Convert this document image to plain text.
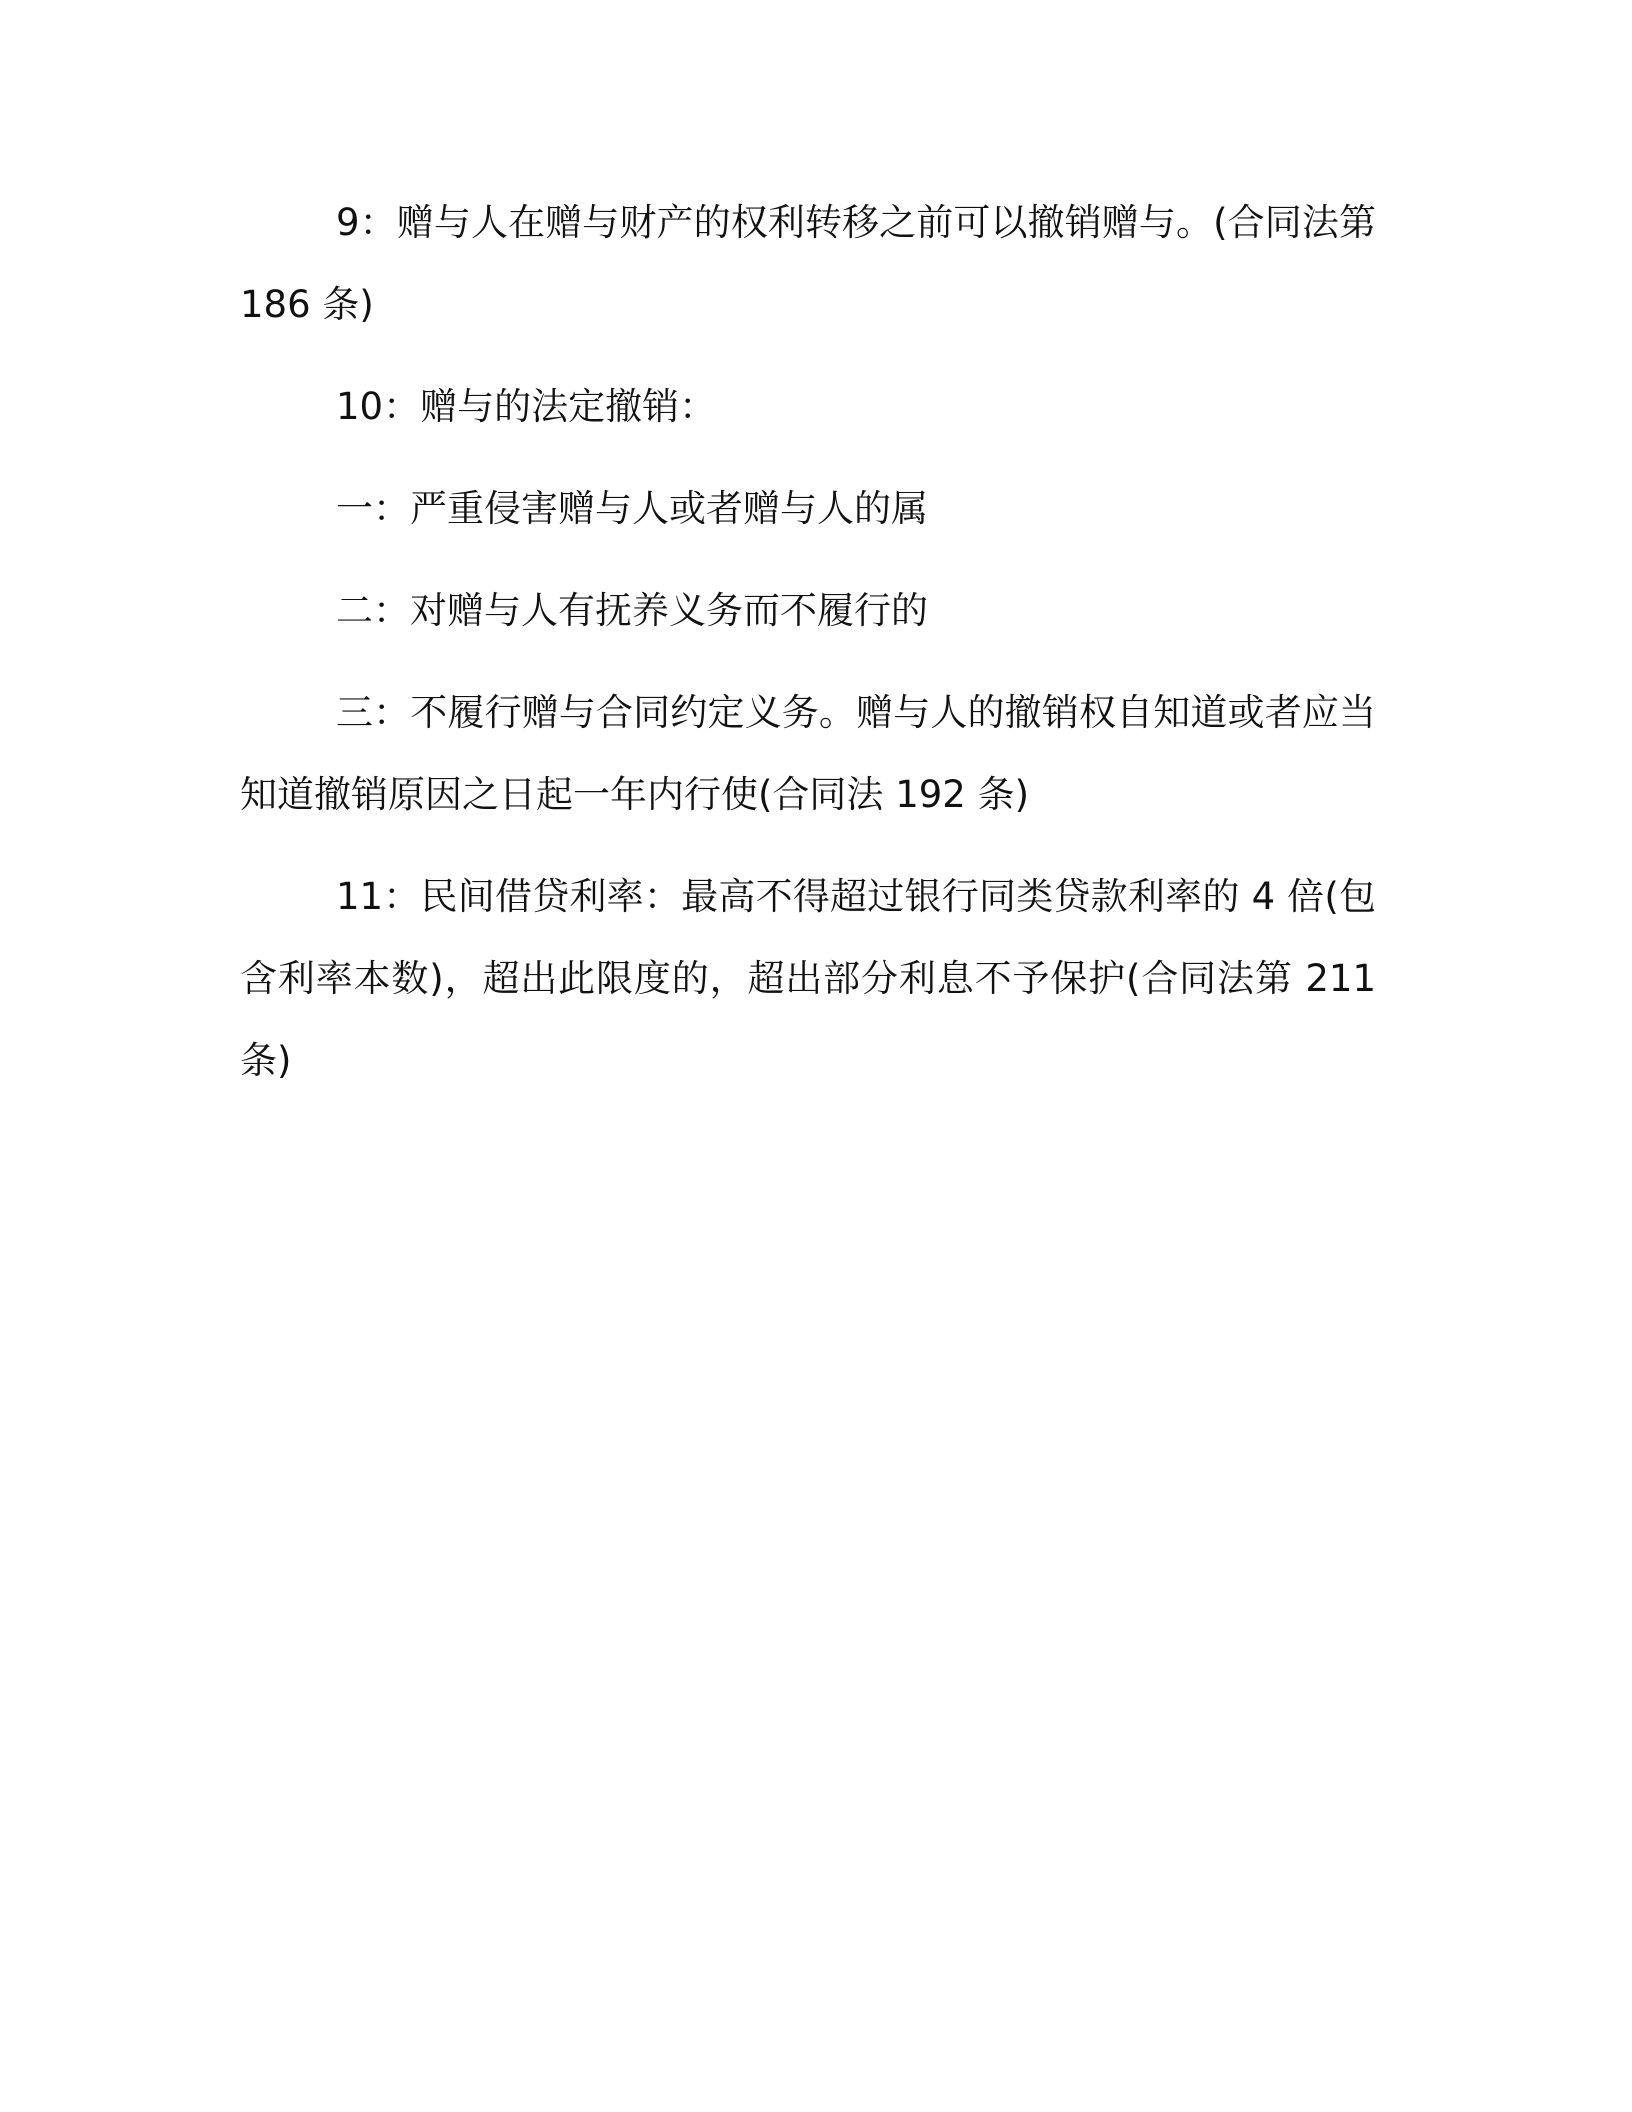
9：赠与人在赠与财产的权利转移之前可以撤销赠与。(合同法第 186 条)

10：赠与的法定撤销：

一：严重侵害赠与人或者赠与人的属

二：对赠与人有抚养义务而不履行的

三：不履行赠与合同约定义务。赠与人的撤销权自知道或者应当知道撤销原因之日起一年内行使(合同法 192 条)

11：民间借贷利率：最高不得超过银行同类贷款利率的 4 倍(包含利率本数)，超出此限度的，超出部分利息不予保护(合同法第 211 条)
